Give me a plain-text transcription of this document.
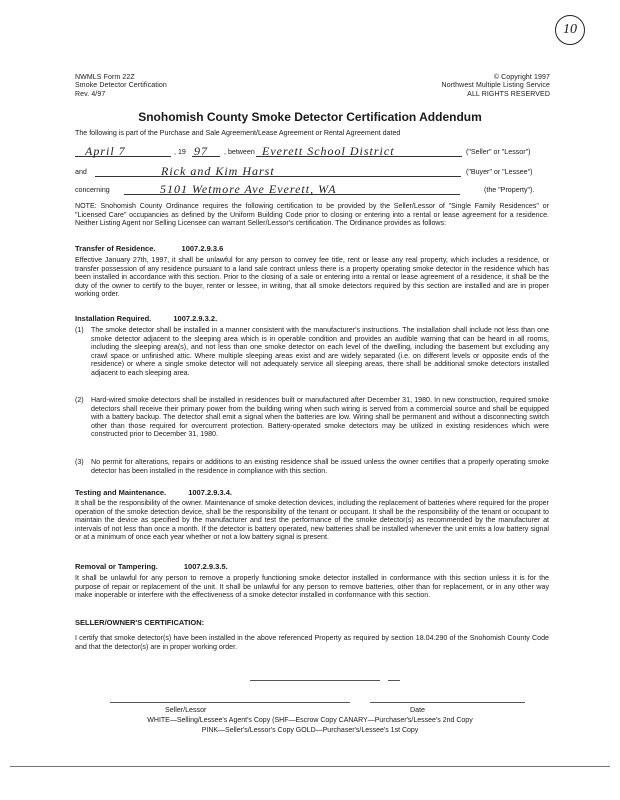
10
NWMLS Form 22Z
Smoke Detector Certification
Rev. 4/97
© Copyright 1997
Northwest Multiple Listing Service
ALL RIGHTS RESERVED
Snohomish County Smoke Detector Certification Addendum
The following is part of the Purchase and Sale Agreement/Lease Agreement or Rental Agreement dated
April 7	, 19 97	, between Everett School District	("Seller" or "Lessor")
and	Rick and Kim Harst	("Buyer" or "Lessee")
concerning	5101 Wetmore Ave Everett, WA	(the "Property").
NOTE: Snohomish County Ordinance requires the following certification to be provided by the Seller/Lessor of "Single Family Residences" or "Licensed Care" occupancies as defined by the Uniform Building Code prior to closing or entering into a rental or lease agreement for a residence. Neither Listing Agent nor Selling Licensee can warrant Seller/Lessor's certification. The Ordinance provides as follows:
Transfer of Residence.	1007.2.9.3.6
Effective January 27th, 1997, it shall be unlawful for any person to convey fee title, rent or lease any real property, which includes a residence, or transfer possession of any residence pursuant to a land sale contract unless there is a property operating smoke detector in the residence which has been installed in accordance with this section. Prior to the closing of a sale or entering into a rental or lease agreement of a residence, it shall be the duty of the owner to certify to the buyer, renter or lessee, in writing, that all smoke detectors required by this section are installed and are in proper working order.
Installation Required.	1007.2.9.3.2.
(1)	The smoke detector shall be installed in a manner consistent with the manufacturer's instructions. The installation shall include not less than one smoke detector adjacent to the sleeping area which is in operable condition and provides an audible warning that can be heard in all rooms, including the sleeping area(s), and not less than one smoke detector on each level of the dwelling, including the basement but excluding any crawl space or unfinished attic. Where multiple sleeping areas exist and are widely separated (i.e. on different levels or opposite ends of the residence) or where a single smoke detector will not adequately service all sleeping areas, there shall be additional smoke detectors installed adjacent to each sleeping area.
(2)	Hard-wired smoke detectors shall be installed in residences built or manufactured after December 31, 1980. In new construction, required smoke detectors shall receive their primary power from the building wiring when such wiring is served from a commercial source and shall be equipped with a battery backup. The detector shall emit a signal when the batteries are low. Wiring shall be permanent and without a disconnecting switch other than those required for overcurrent protection. Battery-operated smoke detectors may be utilized in existing residences which were constructed prior to December 31, 1980.
(3)	No permit for alterations, repairs or additions to an existing residence shall be issued unless the owner certifies that a properly operating smoke detector has been installed in the residence in compliance with this section.
Testing and Maintenance.	1007.2.9.3.4.
It shall be the responsibility of the owner. Maintenance of smoke detection devices, including the replacement of batteries where required for the proper operation of the smoke detection device, shall be the responsibility of the tenant or occupant. It shall be the responsibility of the tenant or occupant to maintain the device as specified by the manufacturer and test the performance of the smoke detector(s) as recommended by the manufacturer at intervals of not less than once a month. If the detector is battery operated, new batteries shall be installed whenever the unit emits a low battery signal or at a minimum of once each year whether or not a low battery signal is present.
Removal or Tampering.	1007.2.9.3.5.
It shall be unlawful for any person to remove a properly functioning smoke detector installed in conformance with this section unless it is for the purpose of repair or replacement of the unit. It shall be unlawful for any person to remove batteries, other than for replacement, or in any other way make inoperable or interfere with the effectiveness of a smoke detector installed in conformance with this section.
SELLER/OWNER'S CERTIFICATION:
I certify that smoke detector(s) have been installed in the above referenced Property as required by section 18.04.290 of the Snohomish County Code and that the detector(s) are in proper working order.
Seller/Lessor	Date
WHITE—Selling/Lessee's Agent's Copy (SHF—Escrow Copy CANARY—Purchaser's/Lessee's 2nd Copy
PINK—Seller's/Lessor's Copy GOLD—Purchaser's/Lessee's 1st Copy
